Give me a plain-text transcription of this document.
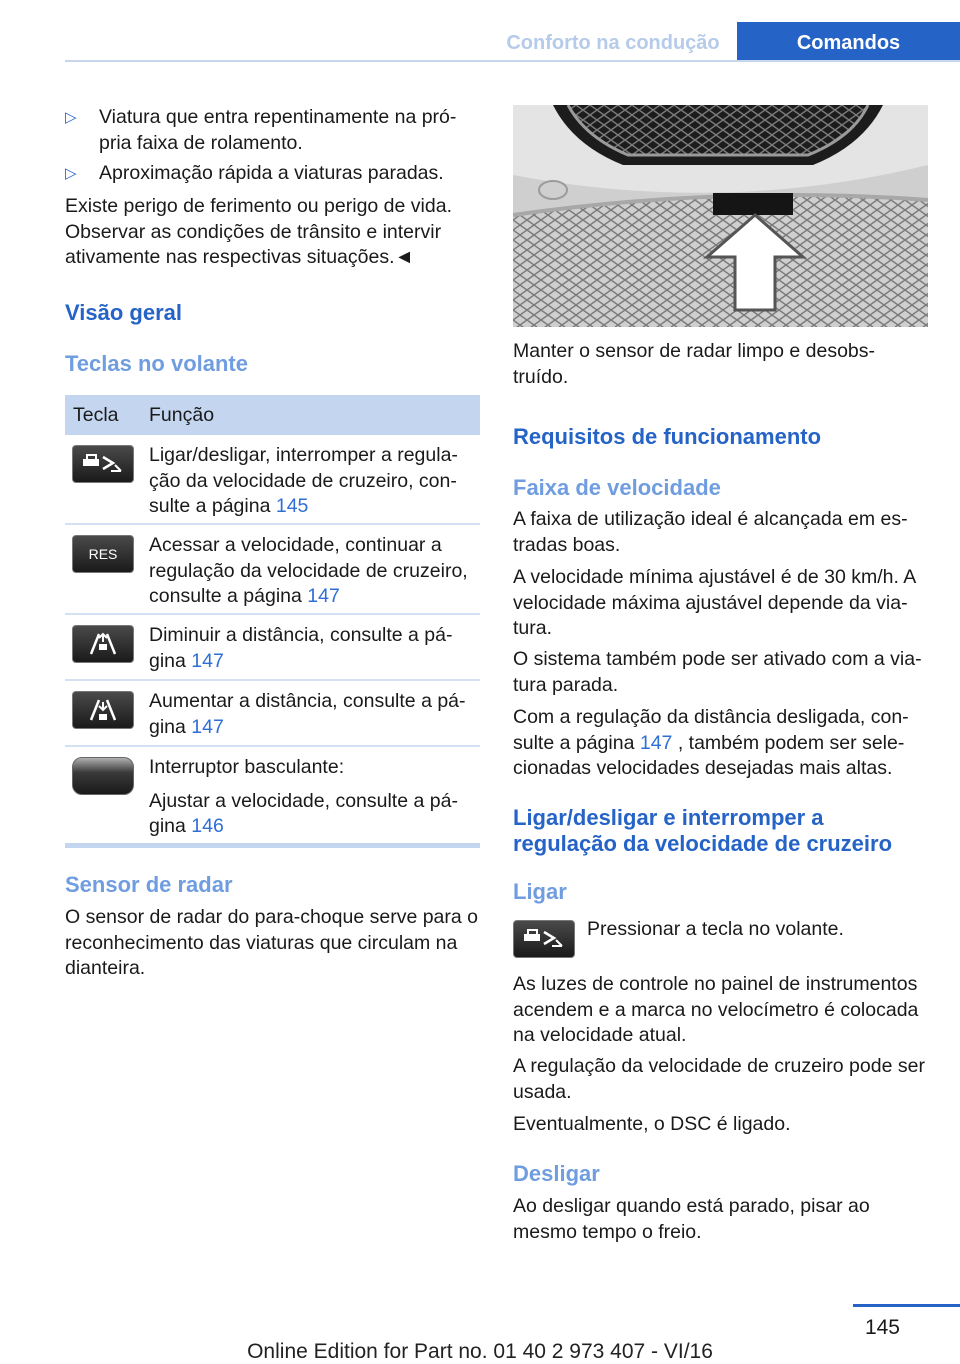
Conforto na condução	Comandos
▷ Viatura que entra repentinamente na pró-pria faixa de rolamento.
▷ Aproximação rápida a viaturas paradas.
Existe perigo de ferimento ou perigo de vida. Observar as condições de trânsito e intervir ativamente nas respectivas situações.◄
Visão geral
Teclas no volante
Tecla Função
Ligar/desligar, interromper a regula-ção da velocidade de cruzeiro, con-sulte a página 145
RES	Acessar a velocidade, continuar a regulação da velocidade de cruzeiro, consulte a página 147
Diminuir a distância, consulte a pá-gina 147
Aumentar a distância, consulte a pá-gina 147
Interruptor basculante:
Ajustar a velocidade, consulte a pá-gina 146
Sensor de radar
O sensor de radar do para-choque serve para o reconhecimento das viaturas que circulam na dianteira.
Manter o sensor de radar limpo e desobs-truído.
Requisitos de funcionamento
Faixa de velocidade
A faixa de utilização ideal é alcançada em es-tradas boas.
A velocidade mínima ajustável é de 30 km/h. A velocidade máxima ajustável depende da via-tura.
O sistema também pode ser ativado com a via-tura parada.
Com a regulação da distância desligada, con-sulte a página 147 , também podem ser sele-cionadas velocidades desejadas mais altas.
Ligar/desligar e interromper a regulação da velocidade de cruzeiro
Ligar
Pressionar a tecla no volante.
As luzes de controle no painel de instrumentos acendem e a marca no velocímetro é colocada na velocidade atual.
A regulação da velocidade de cruzeiro pode ser usada.
Eventualmente, o DSC é ligado.
Desligar
Ao desligar quando está parado, pisar ao mesmo tempo o freio.
145
Online Edition for Part no. 01 40 2 973 407 - VI/16
